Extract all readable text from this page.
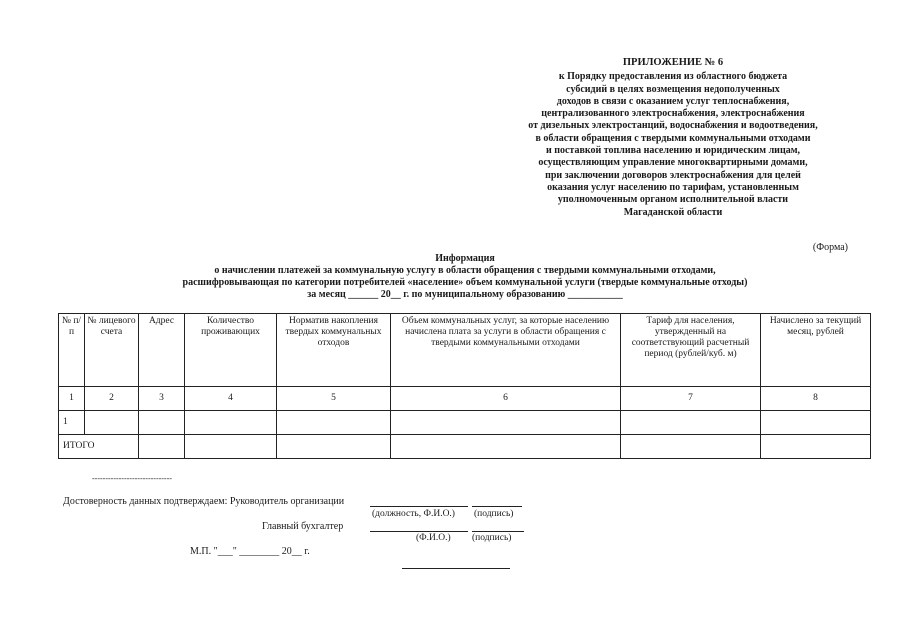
ПРИЛОЖЕНИЕ № 6
к Порядку предоставления из областного бюджета
субсидий в целях возмещения недополученных
доходов в связи с оказанием услуг теплоснабжения,
централизованного электроснабжения, электроснабжения
от дизельных электростанций, водоснабжения и водоотведения,
в области обращения с твердыми коммунальными отходами
и поставкой топлива населению и юридическим лицам,
осуществляющим управление многоквартирными домами,
при заключении договоров электроснабжения для целей
оказания услуг населению по тарифам, установленным
уполномоченным органом исполнительной власти
Магаданской области
(Форма)
Информация
о начислении платежей за коммунальную услугу в области обращения с твердыми коммунальными отходами,
расшифровывающая по категории потребителей «население» объем коммунальной услуги (твердые коммунальные отходы)
за месяц ______ 20__ г. по муниципальному образованию ___________
№ п/п	№ лицевого счета	Адрес	Количество проживающих	Норматив накопления твердых коммунальных отходов	Объем коммунальных услуг, за которые населению начислена плата за услуги в области обращения с твердыми коммунальными отходами	Тариф для населения, утвержденный на соответствующий расчетный период (рублей/куб. м)	Начислено за текущий месяц, рублей
1	2	3	4	5	6	7	8
1							
ИТОГО							
------------------------------
Достоверность данных подтверждаем: Руководитель организации
(должность, Ф.И.О.) (подпись)
Главный бухгалтер
(Ф.И.О.) (подпись)
М.П. "___" ________ 20__ г.
